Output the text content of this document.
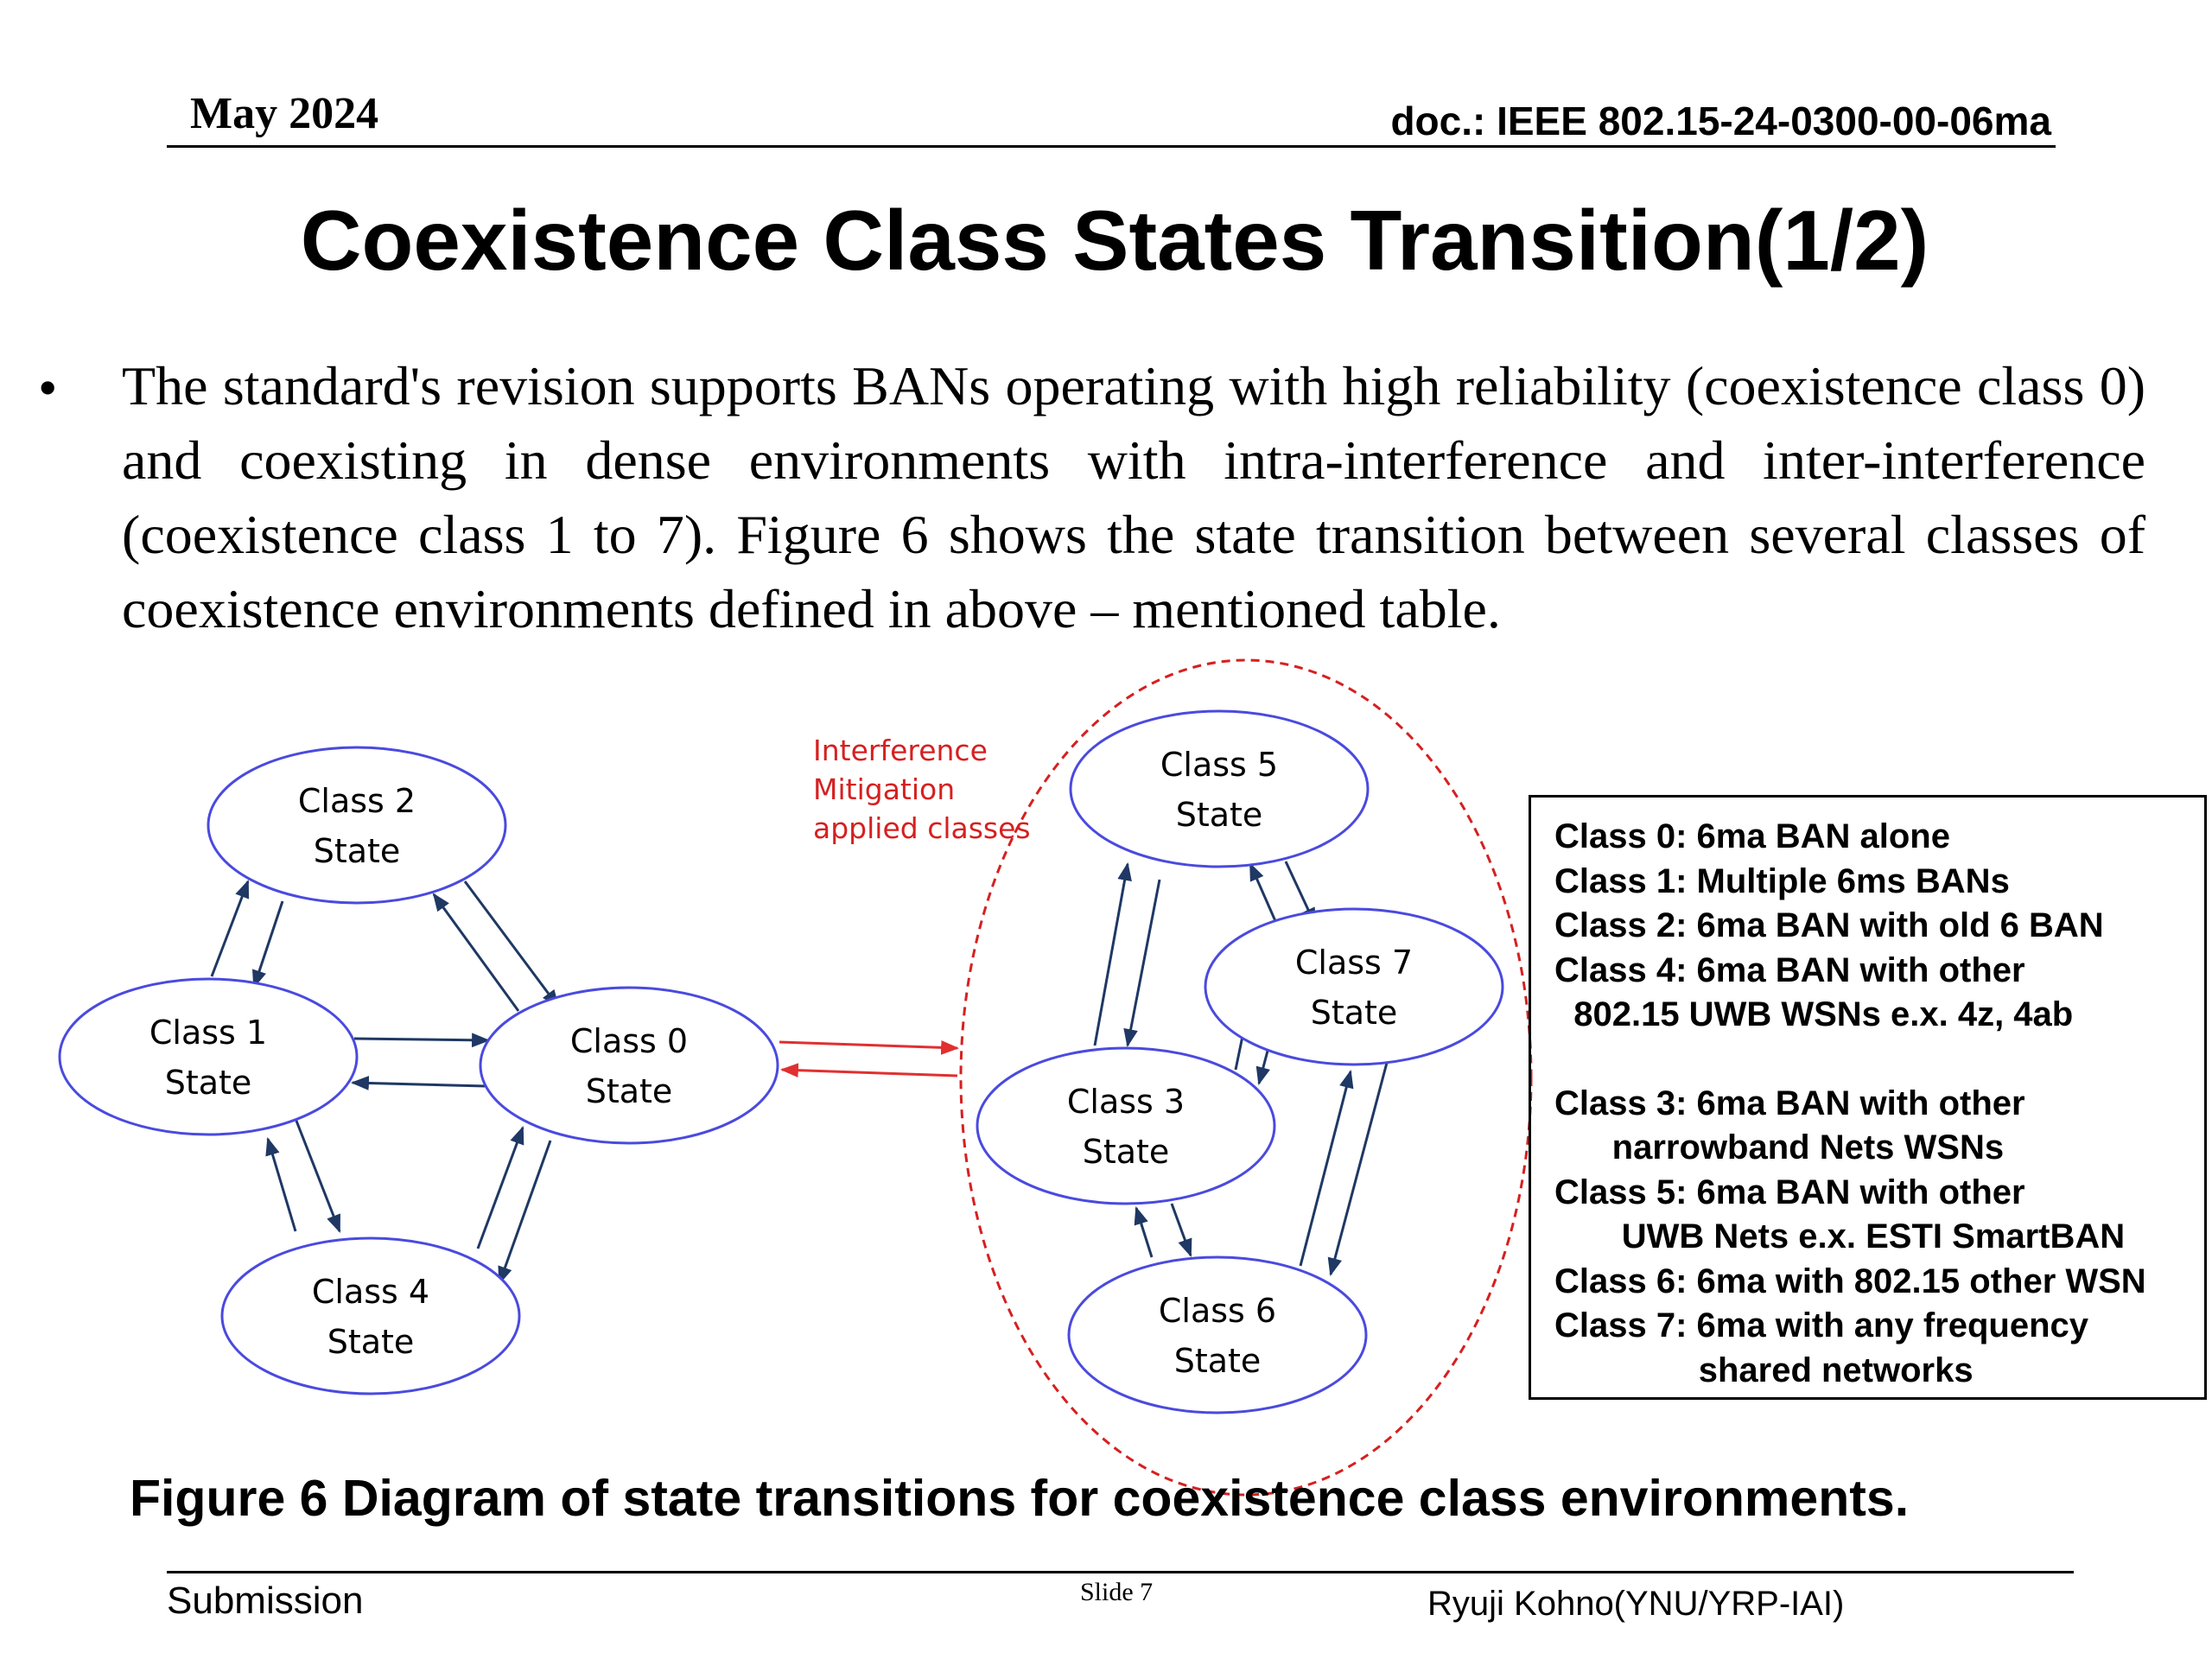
May 2024	doc.: IEEE 802.15-24-0300-00-06ma
Coexistence Class States Transition(1/2)
• The standard's revision supports BANs operating with high reliability (coexistence class 0) and coexisting in dense environments with intra-interference and inter-interference (coexistence class 1 to 7). Figure 6 shows the state transition between several classes of coexistence environments defined in above – mentioned table.
Interference
Mitigation
applied classes
Class 2
State
Class 1
State
Class 0
State
Class 4
State
Class 5
State
Class 7
State
Class 3
State
Class 6
State
Class 0: 6ma BAN alone
Class 1: Multiple 6ms BANs
Class 2: 6ma BAN with old 6 BAN
Class 4: 6ma BAN with other
802.15 UWB WSNs e.x. 4z, 4ab
Class 3: 6ma BAN with other
narrowband Nets WSNs
Class 5: 6ma BAN with other
UWB Nets e.x. ESTI SmartBAN
Class 6: 6ma with 802.15 other WSN
Class 7: 6ma with any frequency
shared networks
Figure 6 Diagram of state transitions for coexistence class environments.
Submission	Slide 7	Ryuji Kohno(YNU/YRP-IAI)
